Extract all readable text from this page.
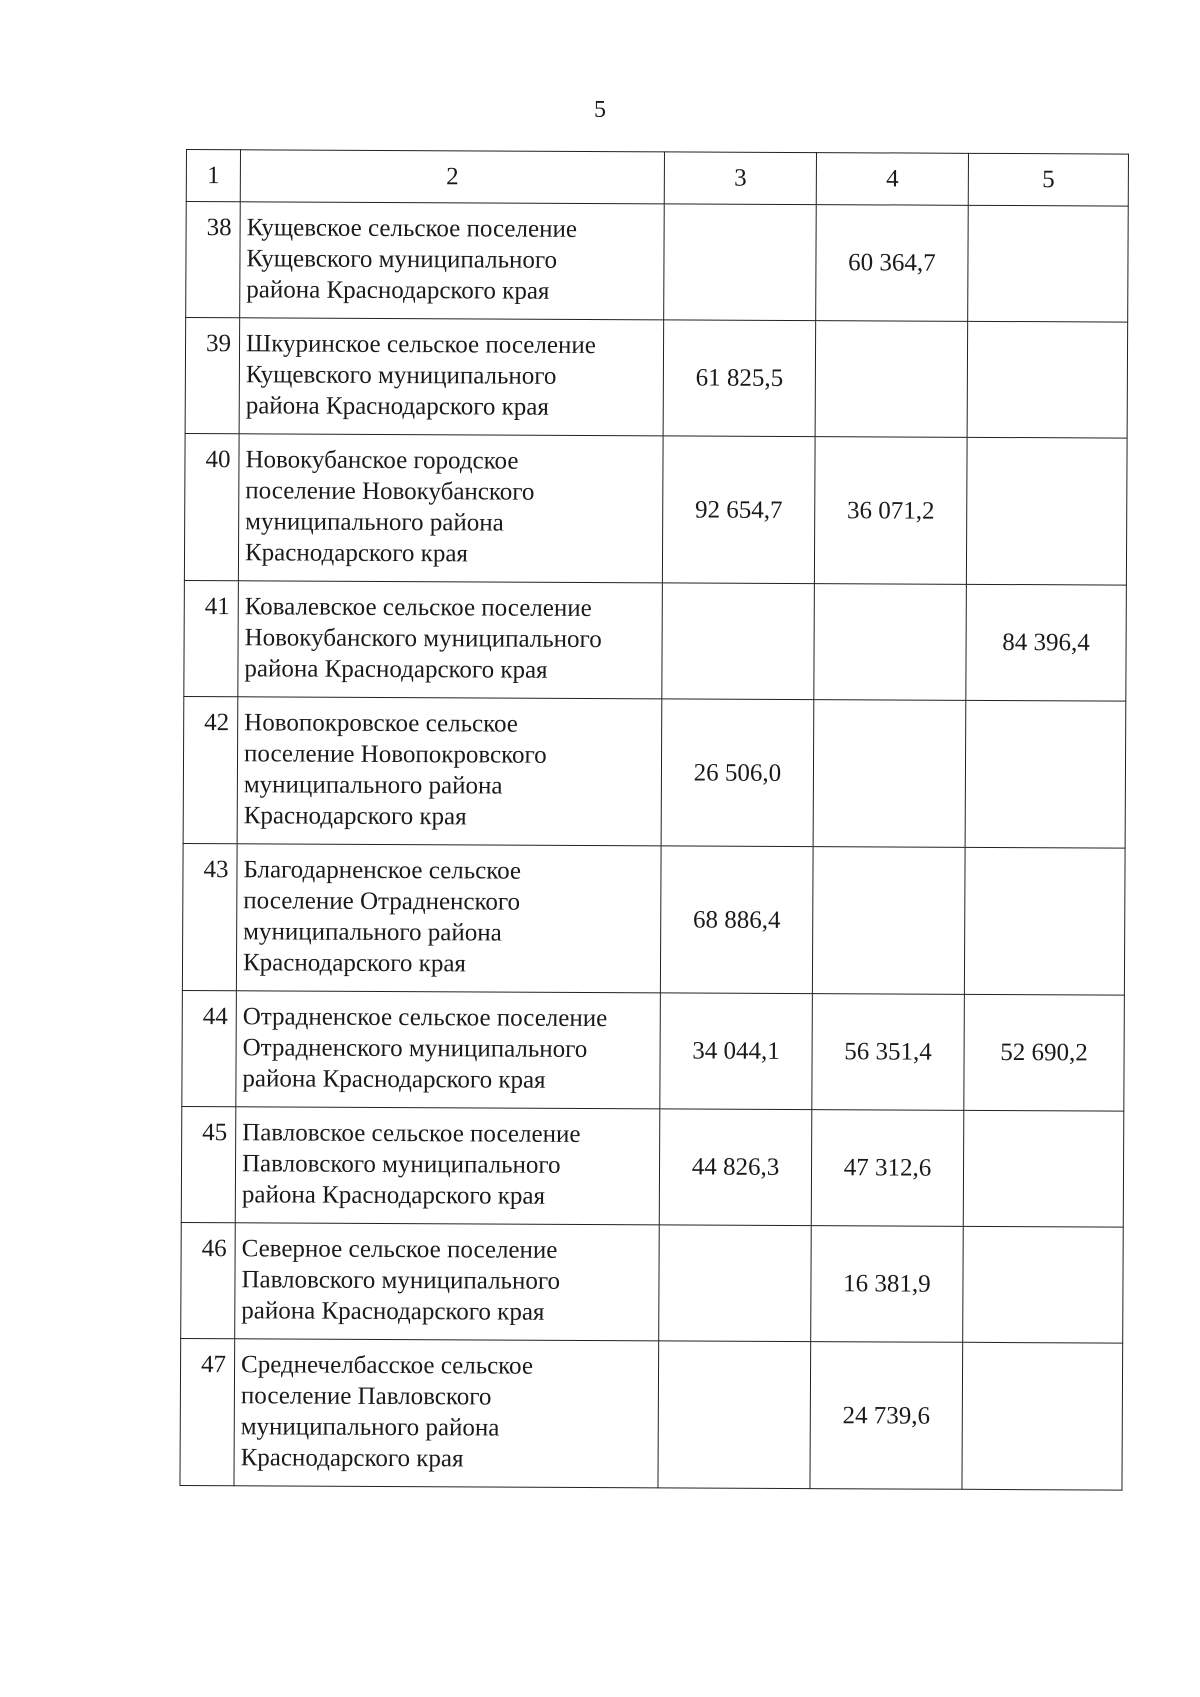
5
1	2	3	4	5
38	Кущевское сельское поселение
Кущевского муниципального
района Краснодарского края		60 364,7	
39	Шкуринское сельское поселение
Кущевского муниципального
района Краснодарского края	61 825,5		
40	Новокубанское городское
поселение Новокубанского
муниципального района
Краснодарского края	92 654,7	36 071,2	
41	Ковалевское сельское поселение
Новокубанского муниципального
района Краснодарского края			84 396,4
42	Новопокровское сельское
поселение Новопокровского
муниципального района
Краснодарского края	26 506,0		
43	Благодарненское сельское
поселение Отрадненского
муниципального района
Краснодарского края	68 886,4		
44	Отрадненское сельское поселение
Отрадненского муниципального
района Краснодарского края	34 044,1	56 351,4	52 690,2
45	Павловское сельское поселение
Павловского муниципального
района Краснодарского края	44 826,3	47 312,6	
46	Северное сельское поселение
Павловского муниципального
района Краснодарского края		16 381,9	
47	Среднечелбасское сельское
поселение Павловского
муниципального района
Краснодарского края		24 739,6	
